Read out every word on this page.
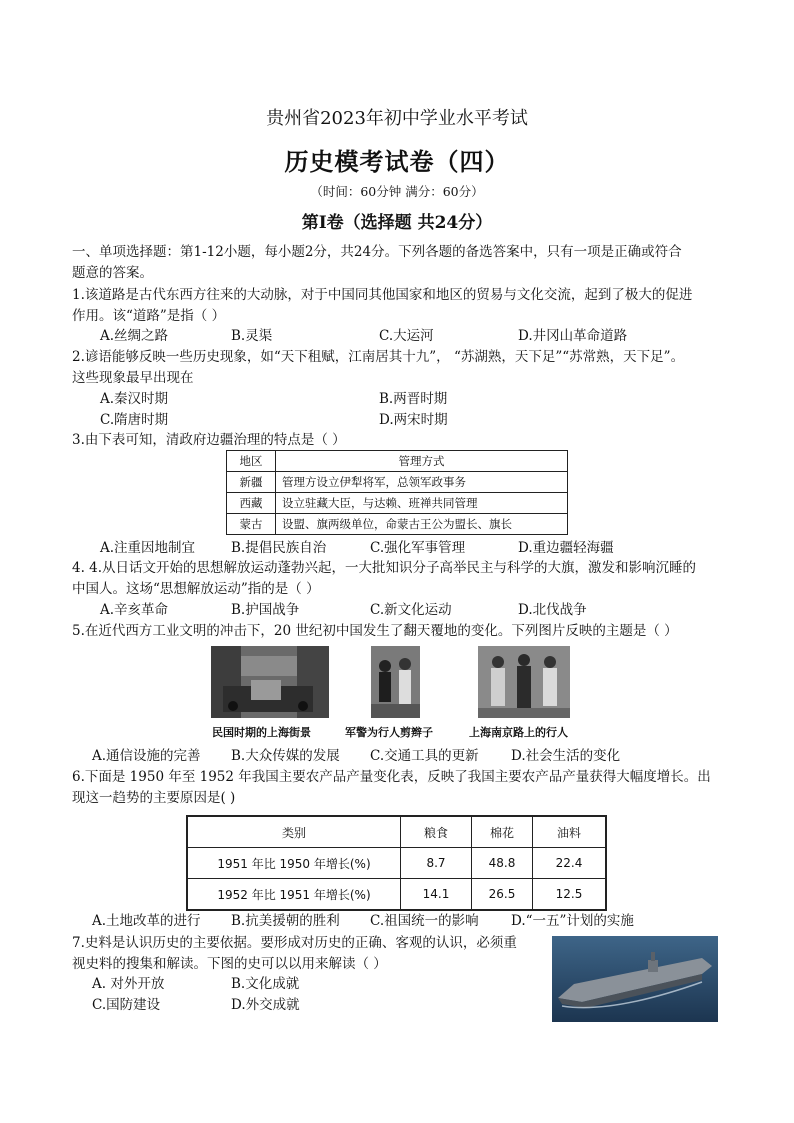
贵州省2023年初中学业水平考试
历史模考试卷（四）
（时间：60分钟 满分：60分）
第Ⅰ卷（选择题 共24分）
一、单项选择题：第1-12小题，每小题2分，共24分。下列各题的备选答案中，只有一项是正确或符合
题意的答案。
1.该道路是古代东西方往来的大动脉，对于中国同其他国家和地区的贸易与文化交流，起到了极大的促进
作用。该“道路”是指（ ）
A.丝绸之路	B.灵渠	C.大运河	D.井冈山革命道路
2.谚语能够反映一些历史现象，如“天下租赋，江南居其十九”， “苏湖熟，天下足”“苏常熟，天下足”。
这些现象最早出现在
A.秦汉时期	B.两晋时期
C.隋唐时期	D.两宋时期
3.由下表可知，清政府边疆治理的特点是（ ）
地区	管理方式
新疆	管理方设立伊犁将军，总领军政事务
西藏	设立驻藏大臣，与达赖、班禅共同管理
蒙古	设盟、旗两级单位，命蒙古王公为盟长、旗长
A.注重因地制宜	B.提倡民族自治	C.强化军事管理	D.重边疆轻海疆
4. 4.从日话文开始的思想解放运动蓬勃兴起，一大批知识分子高举民主与科学的大旗，激发和影响沉睡的
中国人。这场“思想解放运动”指的是（ ）
A.辛亥革命	B.护国战争	C.新文化运动	D.北伐战争
5.在近代西方工业文明的冲击下，20 世纪初中国发生了翻天覆地的变化。下列图片反映的主题是（ ）
民国时期的上海街景	军警为行人剪辫子	上海南京路上的行人
A.通信设施的完善 B.大众传媒的发展 C.交通工具的更新 D.社会生活的变化
6.下面是 1950 年至 1952 年我国主要农产品产量变化表，反映了我国主要农产品产量获得大幅度增长。出
现这一趋势的主要原因是( )
类别	粮食	棉花	油料
1951 年比 1950 年增长(%)	8.7	48.8	22.4
1952 年比 1951 年增长(%)	14.1	26.5	12.5
A.土地改革的进行 B.抗美援朝的胜利 C.祖国统一的影响 D.“一五”计划的实施
7.史料是认识历史的主要依据。要形成对历史的正确、客观的认识，必须重
视史料的搜集和解读。下图的史可以以用来解读（ ）
A. 对外开放	B.文化成就
C.国防建设	D.外交成就
